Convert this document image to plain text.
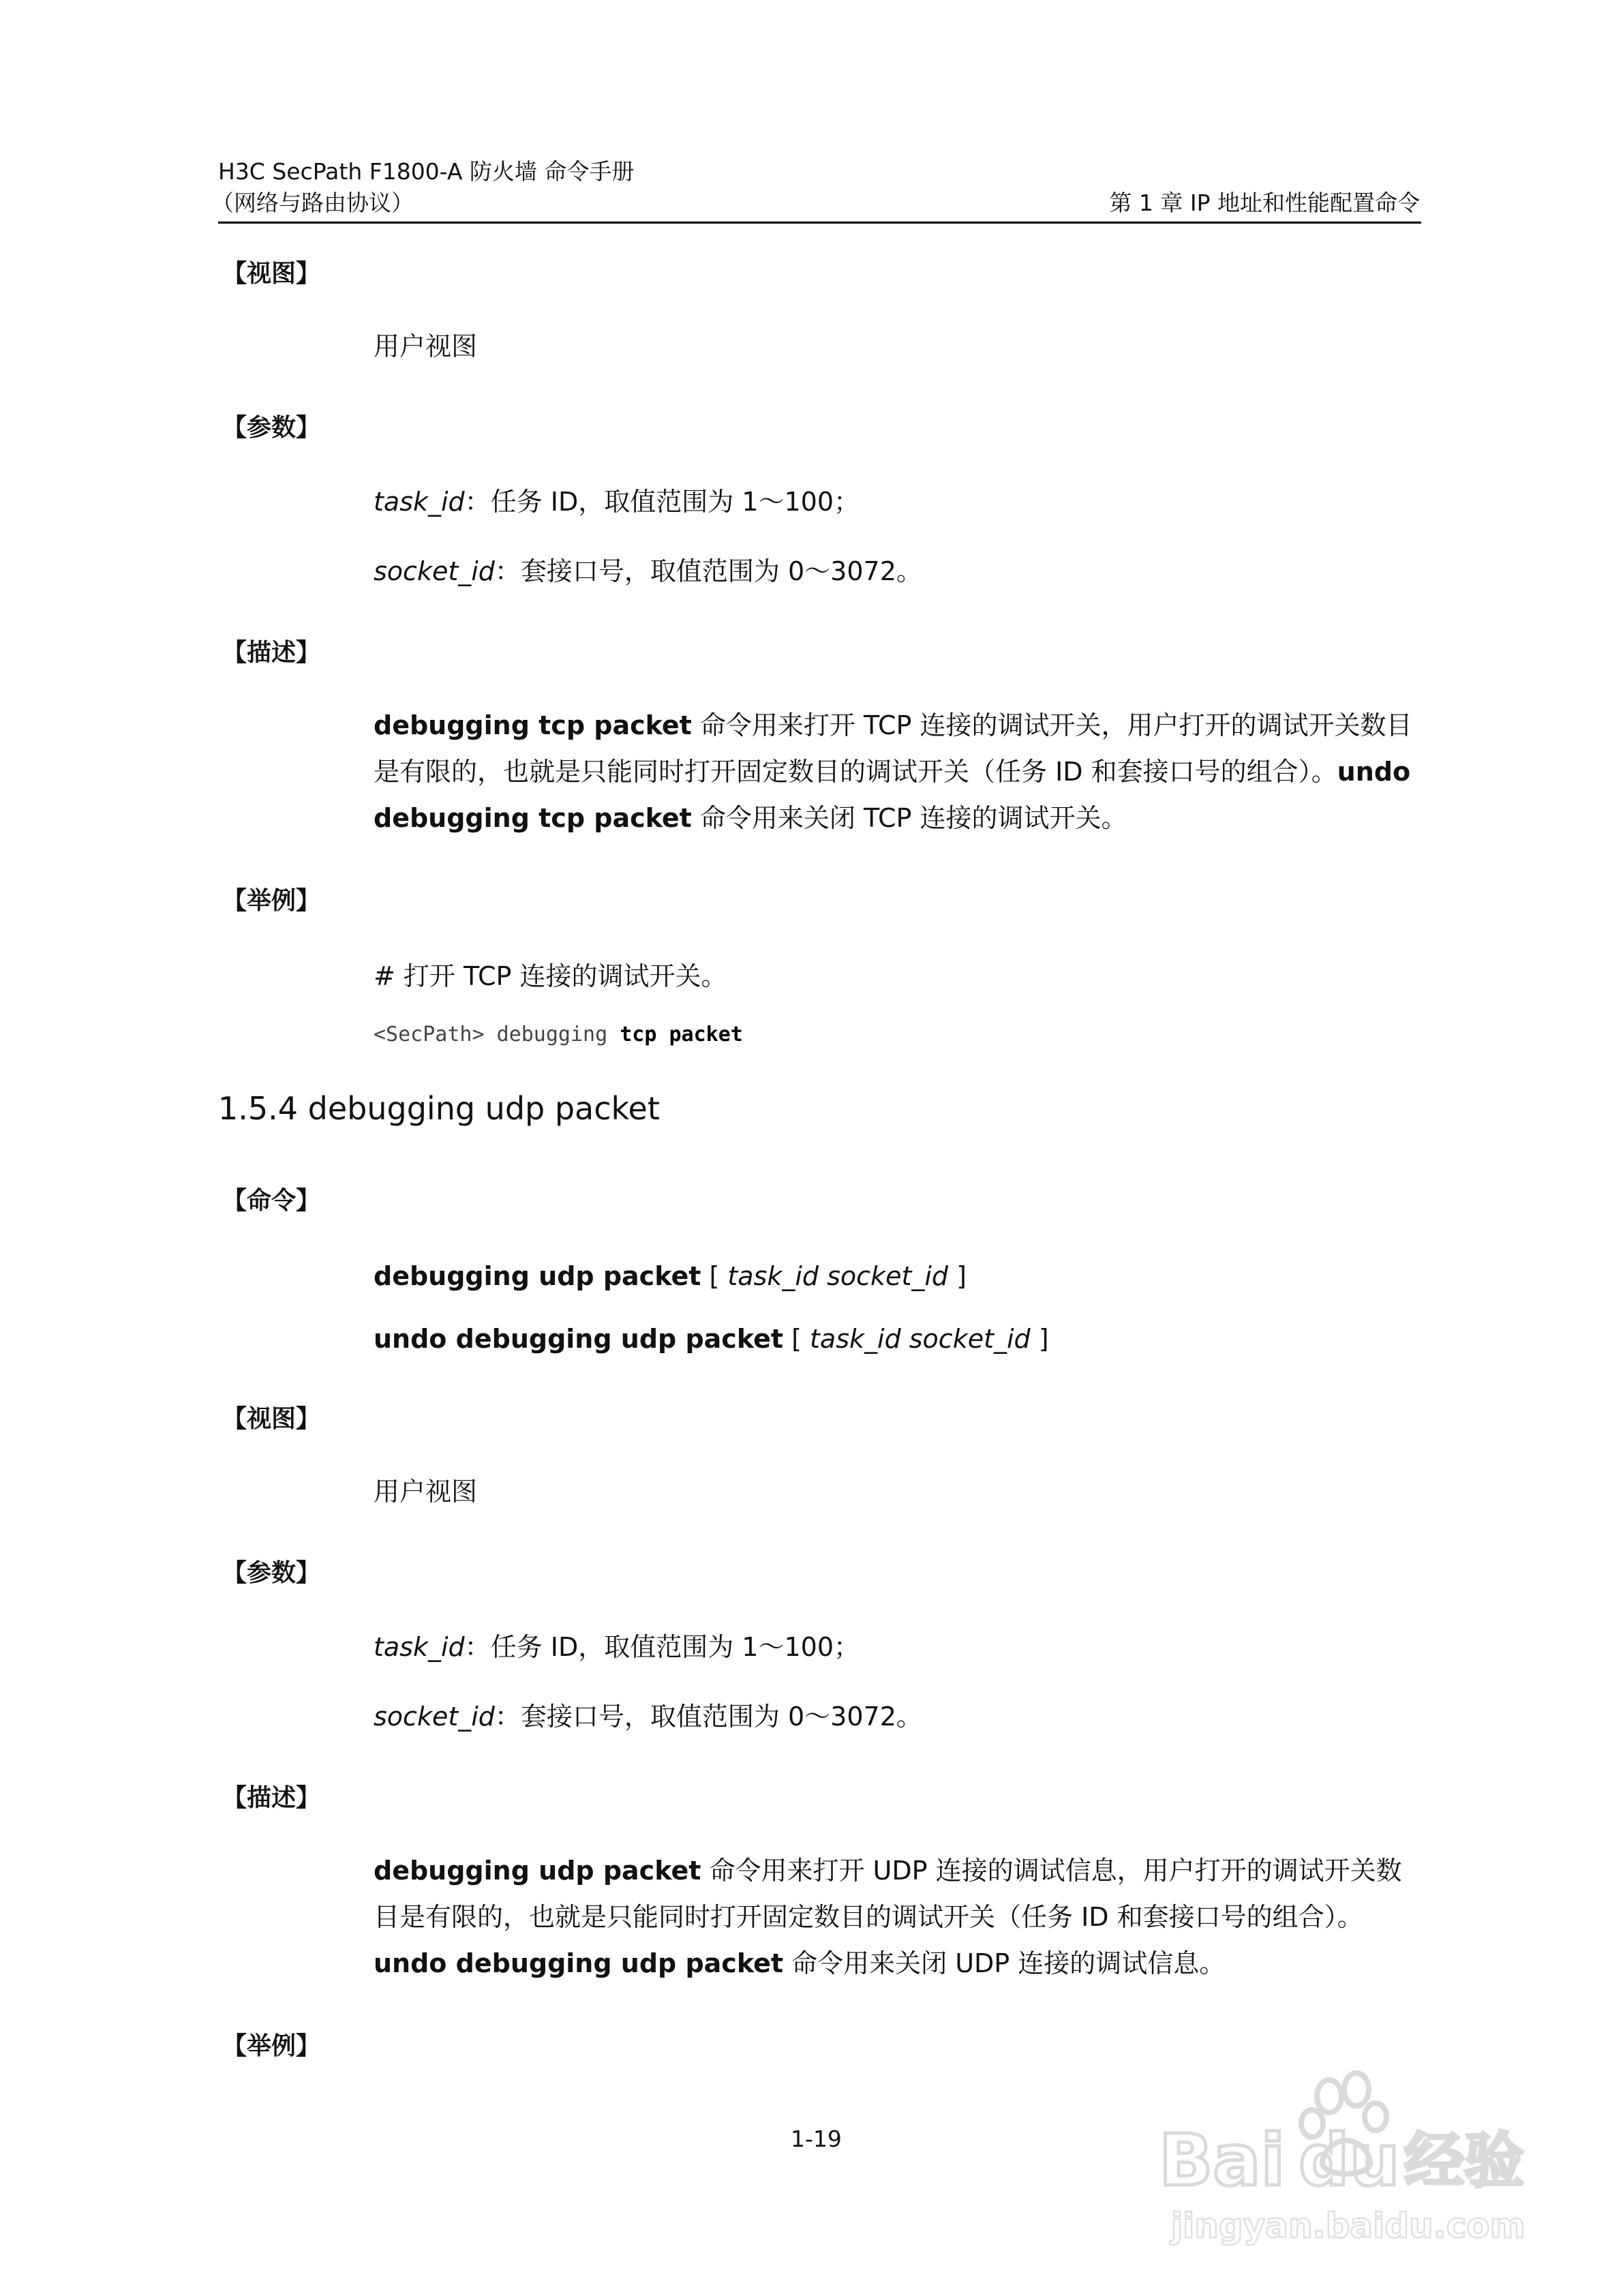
H3C SecPath F1800-A 防火墙 命令手册
（网络与路由协议）	第 1 章 IP 地址和性能配置命令
【视图】
用户视图
【参数】
task_id：任务 ID，取值范围为 1～100；
socket_id：套接口号，取值范围为 0～3072。
【描述】
debugging tcp packet 命令用来打开 TCP 连接的调试开关，用户打开的调试开关数目是有限的，也就是只能同时打开固定数目的调试开关（任务 ID 和套接口号的组合）。undo debugging tcp packet 命令用来关闭 TCP 连接的调试开关。
【举例】
# 打开 TCP 连接的调试开关。
<SecPath> debugging tcp packet
1.5.4 debugging udp packet
【命令】
debugging udp packet [ task_id socket_id ]
undo debugging udp packet [ task_id socket_id ]
【视图】
用户视图
【参数】
task_id：任务 ID，取值范围为 1～100；
socket_id：套接口号，取值范围为 0～3072。
【描述】
debugging udp packet 命令用来打开 UDP 连接的调试信息，用户打开的调试开关数目是有限的，也就是只能同时打开固定数目的调试开关（任务 ID 和套接口号的组合）。undo debugging udp packet 命令用来关闭 UDP 连接的调试信息。
【举例】
1-19	Bai du 经验
jingyan.baidu.com
